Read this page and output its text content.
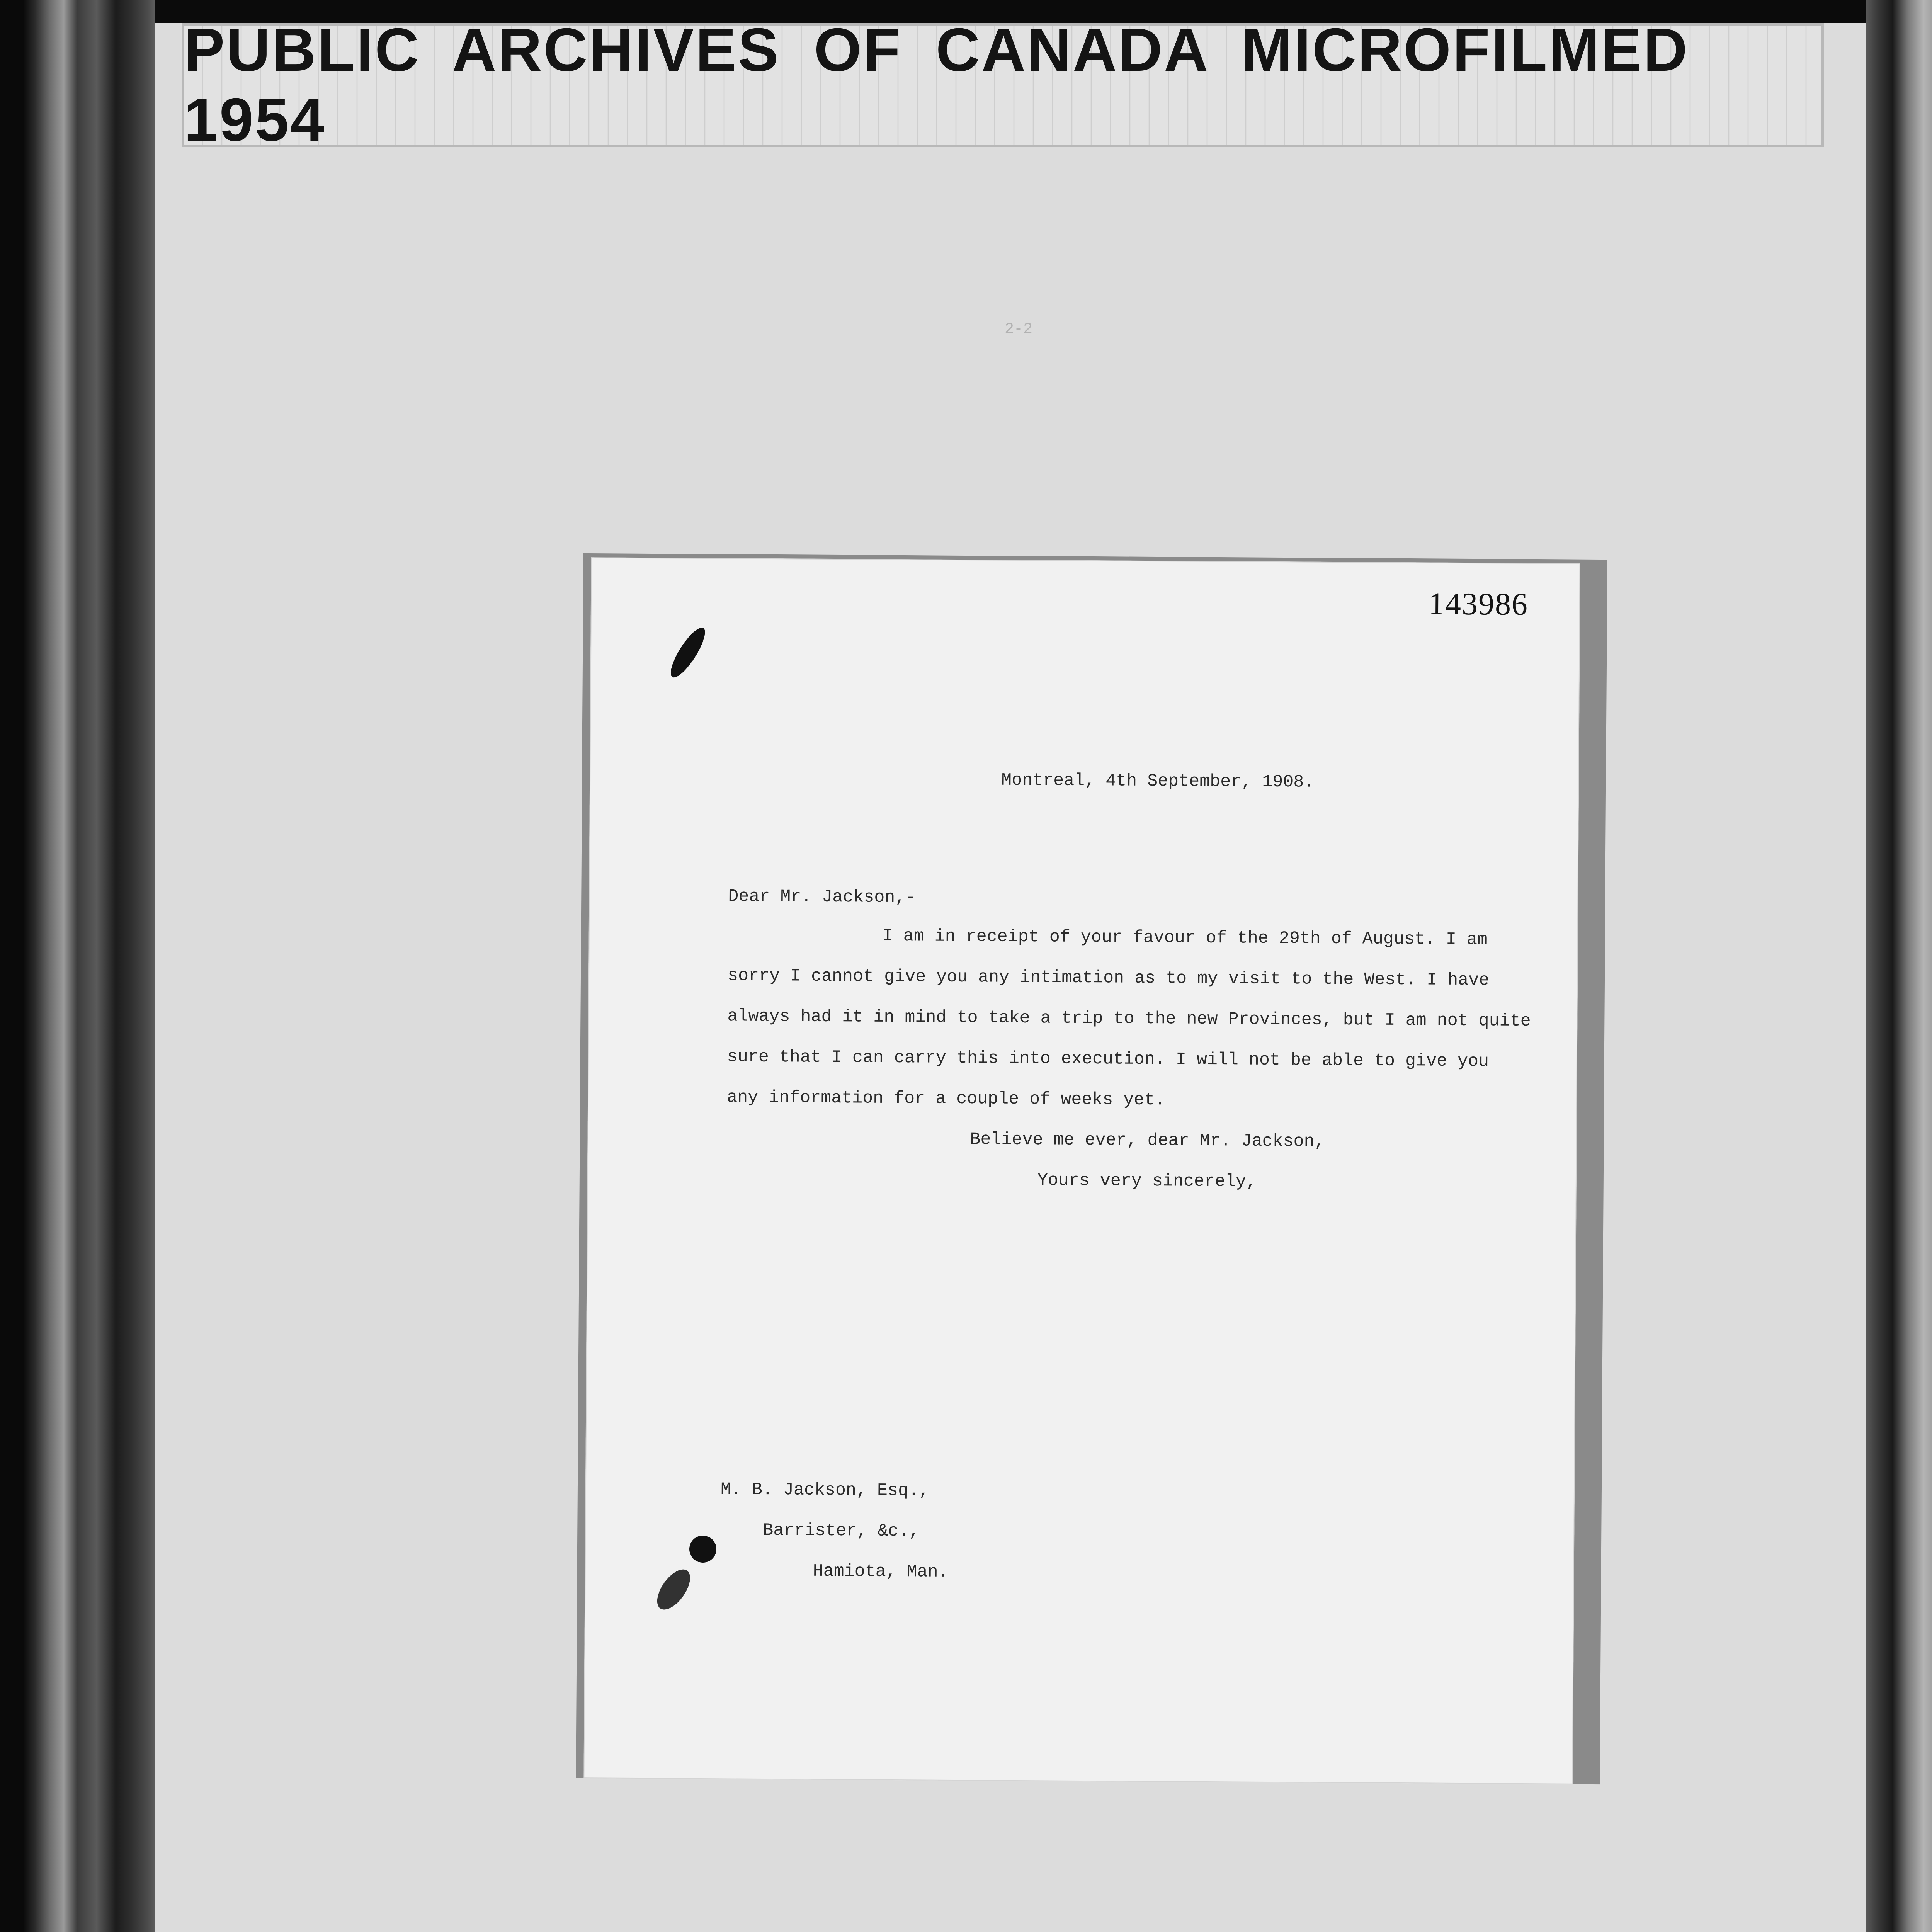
PUBLIC ARCHIVES OF CANADA MICROFILMED 1954
2-2
143986
Montreal, 4th September, 1908.
Dear Mr. Jackson,-
I am in receipt of your favour of the 29th of August. I am
sorry I cannot give you any intimation as to my visit to the West. I have
always had it in mind to take a trip to the new Provinces, but I am not quite
sure that I can carry this into execution. I will not be able to give you
any information for a couple of weeks yet.
Believe me ever, dear Mr. Jackson,
Yours very sincerely,
M. B. Jackson, Esq.,
Barrister, &c.,
Hamiota, Man.
